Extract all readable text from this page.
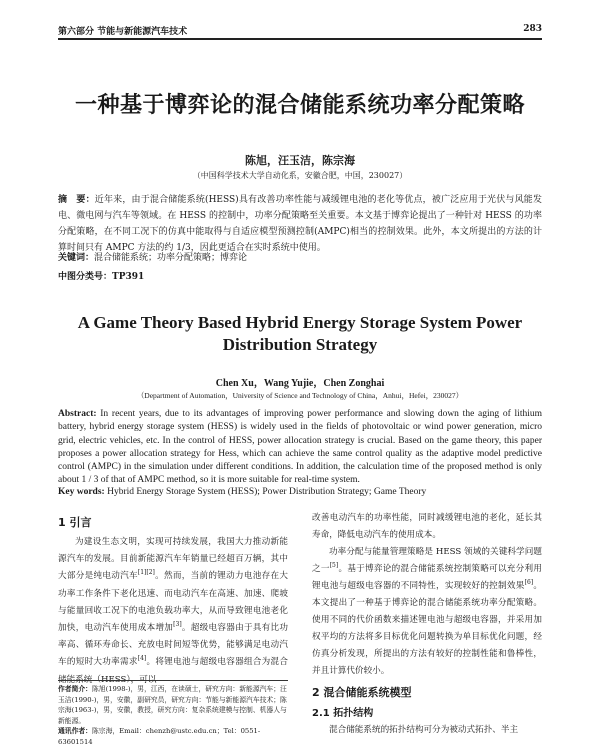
第六部分 节能与新能源汽车技术	283
一种基于博弈论的混合储能系统功率分配策略
陈旭，汪玉洁，陈宗海
（中国科学技术大学自动化系，安徽合肥，中国，230027）
摘　要：近年来，由于混合储能系统(HESS)具有改善功率性能与减缓锂电池的老化等优点，被广泛应用于光伏与风能发电、微电网与汽车等领域。在 HESS 的控制中，功率分配策略至关重要。本文基于博弈论提出了一种针对 HESS 的功率分配策略，在不同工况下的仿真中能取得与自适应模型预测控制(AMPC)相当的控制效果。此外，本文所提出的方法的计算时间只有 AMPC 方法的约 1/3，因此更适合在实时系统中使用。
关键词：混合储能系统；功率分配策略；博弈论
中图分类号：TP391
A Game Theory Based Hybrid Energy Storage System Power
Distribution Strategy
Chen Xu，Wang Yujie，Chen Zonghai
（Department of Automation，University of Science and Technology of China，Anhui，Hefei，230027）
Abstract: In recent years, due to its advantages of improving power performance and slowing down the aging of lithium battery, hybrid energy storage system (HESS) is widely used in the fields of photovoltaic or wind power generation, micro grid, electric vehicles, etc. In the control of HESS, power allocation strategy is crucial. Based on the game theory, this paper proposes a power allocation strategy for Hess, which can achieve the same control quality as the adaptive model predictive control (AMPC) in the simulation under different conditions. In addition, the calculation time of the proposed method is only about 1 / 3 of that of AMPC method, so it is more suitable for real-time system.
Key words: Hybrid Energy Storage System (HESS); Power Distribution Strategy; Game Theory
1 引言
为建设生态文明，实现可持续发展，我国大力推动新能源汽车的发展。目前新能源汽车年销量已经超百万辆，其中大部分是纯电动汽车[1][2]。然而，当前的锂动力电池存在大功率工作条件下老化迅速、而电动汽车在高速、加速、爬坡与能量回收工况下的电池负载功率大，从而导致锂电池老化加快，电动汽车使用成本增加[3]。超级电容器由于具有比功率高、循环寿命长、充放电时间短等优势，能够满足电动汽车的短时大功率需求[4]。将锂电池与超级电容器组合为混合储能系统（HESS），可以
改善电动汽车的功率性能，同时减缓锂电池的老化，延长其寿命，降低电动汽车的使用成本。
功率分配与能量管理策略是 HESS 领域的关键科学问题之一[5]。基于博弈论的混合储能系统控制策略可以充分利用锂电池与超级电容器的不同特性，实现较好的控制效果[6]。本文提出了一种基于博弈论的混合储能系统功率分配策略。使用不同的代价函数来描述锂电池与超级电容器，并采用加权平均的方法将多目标优化问题转换为单目标优化问题，经仿真分析发现，所提出的方法有较好的控制性能和鲁棒性，并且计算代价较小。
2 混合储能系统模型
2.1 拓扑结构
混合储能系统的拓扑结构可分为被动式拓扑、半主
作者简介：陈旭(1998-)，男，江西，在读硕士，研究方向：新能源汽车；汪玉洁(1990-)，男，安徽，副研究员，研究方向：节能与新能源汽车技术；陈宗海(1963-)，男，安徽，教授，研究方向：复杂系统建模与控制、机器人与新能源。
通讯作者：陈宗海，Email：chenzh@ustc.edu.cn；Tel：0551-63601514
